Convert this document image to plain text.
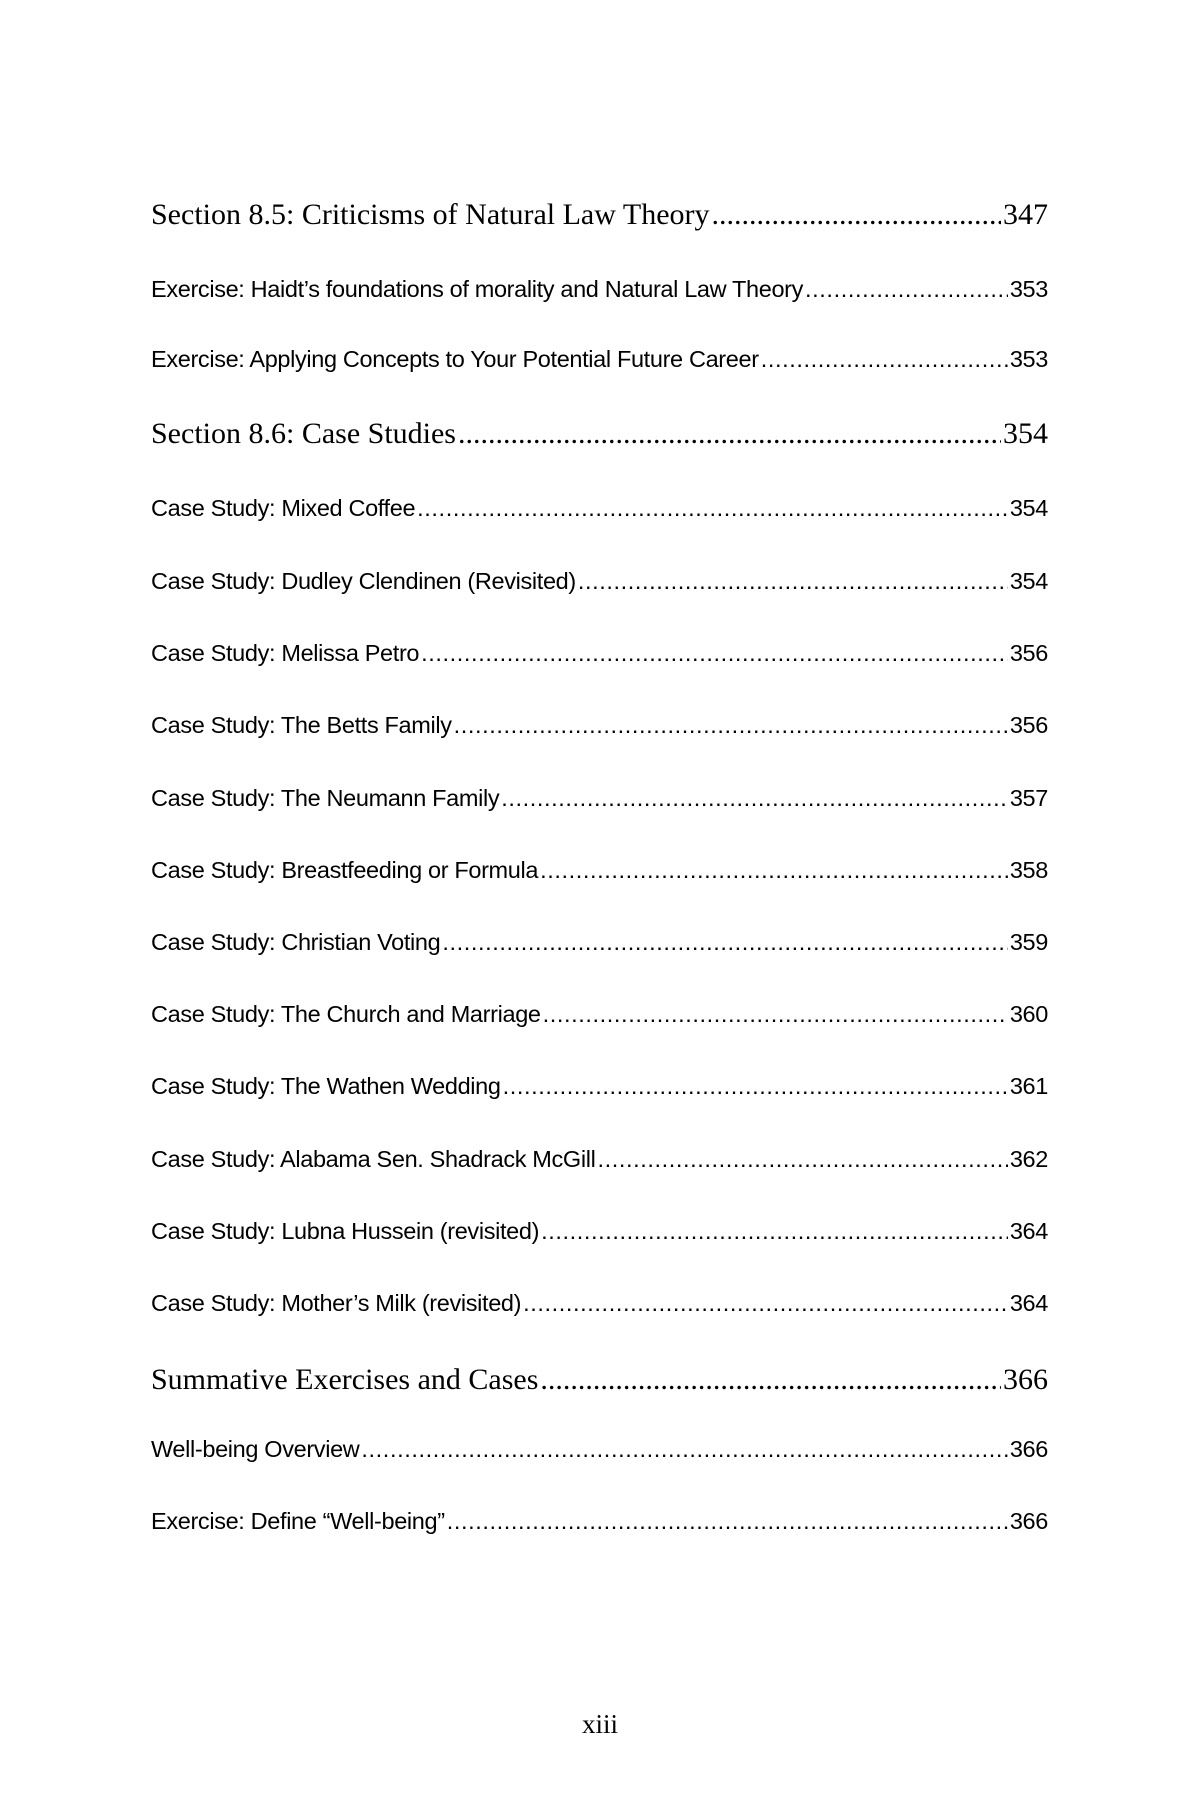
Section 8.5: Criticisms of Natural Law Theory .....	347
Exercise: Haidt’s foundations of morality and Natural Law Theory .....	353
Exercise: Applying Concepts to Your Potential Future Career .....	353
Section 8.6: Case Studies .....	354
Case Study: Mixed Coffee .....	354
Case Study: Dudley Clendinen (Revisited) .....	354
Case Study: Melissa Petro .....	356
Case Study: The Betts Family .....	356
Case Study: The Neumann Family .....	357
Case Study: Breastfeeding or Formula .....	358
Case Study: Christian Voting .....	359
Case Study: The Church and Marriage .....	360
Case Study: The Wathen Wedding .....	361
Case Study: Alabama Sen. Shadrack McGill .....	362
Case Study: Lubna Hussein (revisited) .....	364
Case Study: Mother’s Milk (revisited) .....	364
Summative Exercises and Cases .....	366
Well-being Overview .....	366
Exercise: Define “Well-being” .....	366
xiii
